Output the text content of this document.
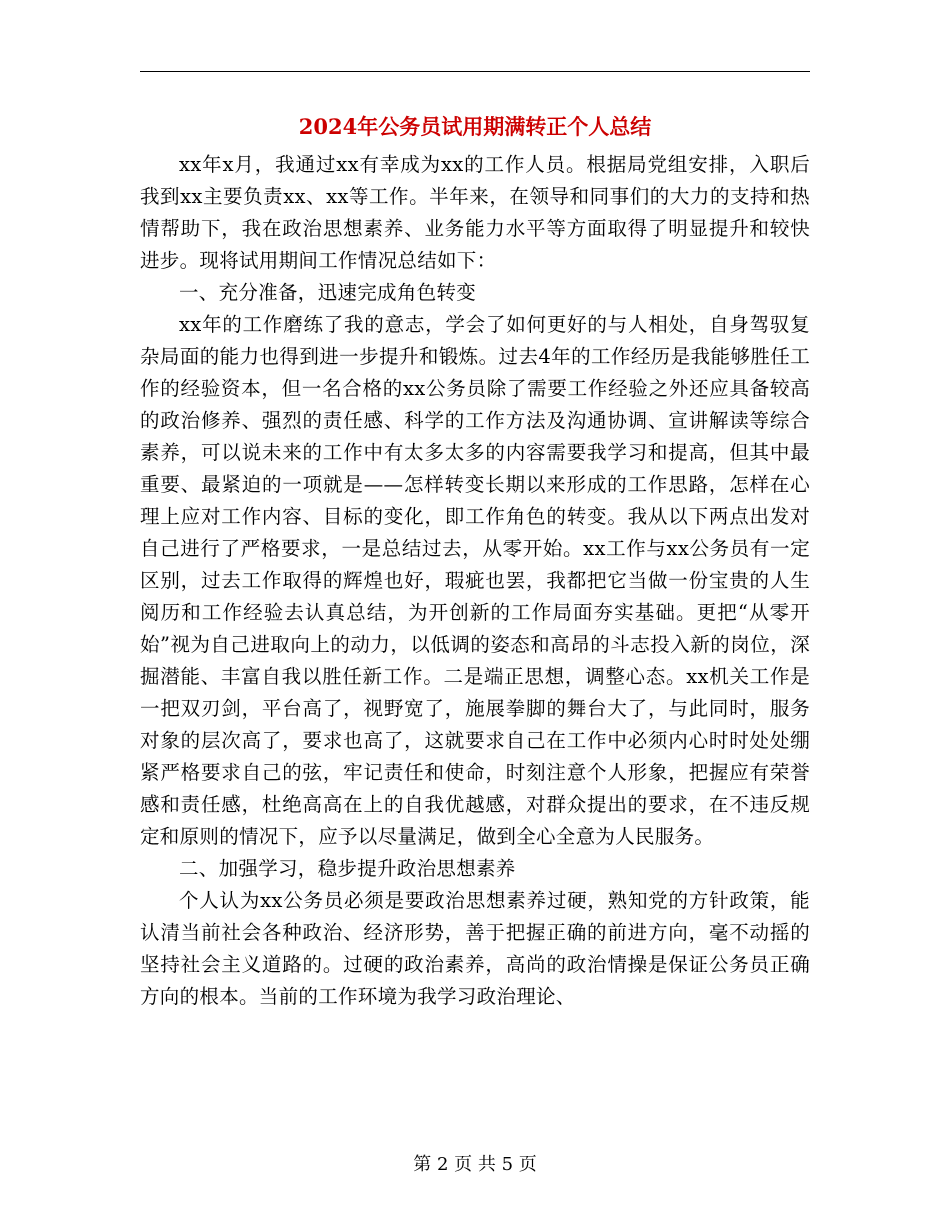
2024年公务员试用期满转正个人总结

xx年x月，我通过xx有幸成为xx的工作人员。根据局党组安排，入职后我到xx主要负责xx、xx等工作。半年来，在领导和同事们的大力的支持和热情帮助下，我在政治思想素养、业务能力水平等方面取得了明显提升和较快进步。现将试用期间工作情况总结如下：

一、充分准备，迅速完成角色转变

xx年的工作磨练了我的意志，学会了如何更好的与人相处，自身驾驭复杂局面的能力也得到进一步提升和锻炼。过去4年的工作经历是我能够胜任工作的经验资本，但一名合格的xx公务员除了需要工作经验之外还应具备较高的政治修养、强烈的责任感、科学的工作方法及沟通协调、宣讲解读等综合素养，可以说未来的工作中有太多太多的内容需要我学习和提高，但其中最重要、最紧迫的一项就是——怎样转变长期以来形成的工作思路，怎样在心理上应对工作内容、目标的变化，即工作角色的转变。我从以下两点出发对自己进行了严格要求，一是总结过去，从零开始。xx工作与xx公务员有一定区别，过去工作取得的辉煌也好，瑕疵也罢，我都把它当做一份宝贵的人生阅历和工作经验去认真总结，为开创新的工作局面夯实基础。更把“从零开始”视为自己进取向上的动力，以低调的姿态和高昂的斗志投入新的岗位，深掘潜能、丰富自我以胜任新工作。二是端正思想，调整心态。xx机关工作是一把双刃剑，平台高了，视野宽了，施展拳脚的舞台大了，与此同时，服务对象的层次高了，要求也高了，这就要求自己在工作中必须内心时时处处绷紧严格要求自己的弦，牢记责任和使命，时刻注意个人形象，把握应有荣誉感和责任感，杜绝高高在上的自我优越感，对群众提出的要求，在不违反规定和原则的情况下，应予以尽量满足，做到全心全意为人民服务。

二、加强学习，稳步提升政治思想素养

个人认为xx公务员必须是要政治思想素养过硬，熟知党的方针政策，能认清当前社会各种政治、经济形势，善于把握正确的前进方向，毫不动摇的坚持社会主义道路的。过硬的政治素养，高尚的政治情操是保证公务员正确方向的根本。当前的工作环境为我学习政治理论、

第 2 页 共 5 页
